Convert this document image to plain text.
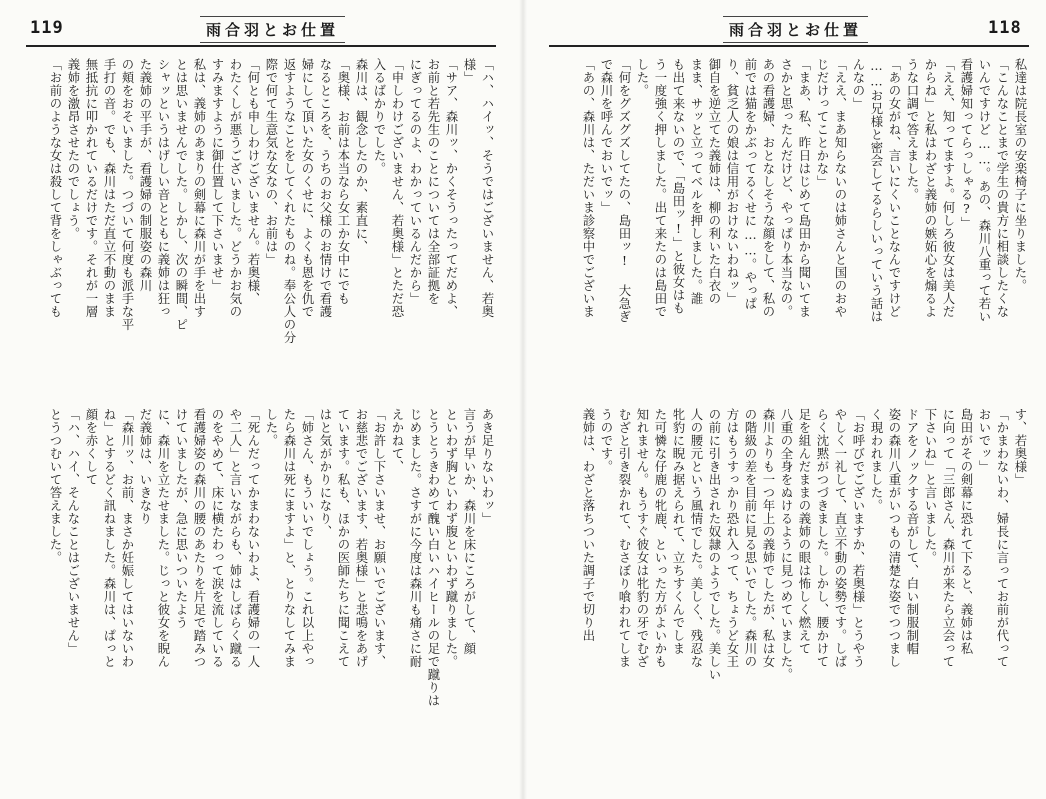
119	雨合羽とお仕置
「ハ、ハイッ、そうではございません、若奥
様」
「サア、森川ッ、かくそうったってだめよ、
お前と若先生のことについては全部証拠を
にぎってるのよ、わかっているんだから」
「申しわけございません、若奥様」とただ恐
入るばかりでした。
森川は、観念したのか、素直に、
「奥様、お前は本当なら女工か女中にでも
なるところを、うちのお父様のお情けで看護
婦にして頂いた女のくせに、よくも恩を仇で
返すようなことをしてくれたものね。奉公人の分
際で何て生意気な女なの、お前は」
「何とも申しわけございません。若奥様、
わたくしが悪うございました。どうかお気の
すみますように御仕置して下さいませ」
私は、義姉のあまりの剣幕に森川が手を出す
とは思いませんでした。しかし、次の瞬間、ピ
シャッというはげしい音とともに義姉は狂っ
た義姉の平手が、看護婦の制服姿の森川
の頬をおそいました。つづいて何度も派手な平
手打の音。でも、森川はただ直立不動のまま
無抵抗に叩かれているだけです。それが一層
義姉を激昂させたのでしょう。
「お前のような女は殺して背をしゃぶっても
あき足りないわッ」
言うが早いか、森川を床にころがして、顔
といわず胸といわず腹といわず蹴りました。
とうとうきわめて醜い白いハイヒールの足で蹴りは
じめました。さすがに今度は森川も痛さに耐
えかねて、
「お許し下さいませ、お願いでございます、
お慈悲でございます、若奥様」と悲鳴をあげ
ています。私も、ほかの医師たちに聞こえて
はと気がかりになり、
「姉さん、もういいでしょう。これ以上やっ
たら森川は死にますよ」と、とりなしてみま
した。
「死んだってかまわないわよ、看護婦の一人
や二人」と言いながらも、姉はしばらく蹴る
のをやめて、床に横たわって涙を流している
看護婦姿の森川の腰のあたりを片足で踏みつ
けていましたが、急に思いついたよう
に、森川を立たせました。じっと彼女を睨ん
だ義姉は、いきなり
「森川ッ、お前、まさか妊娠してはいないわ
ね」とするどく訊ねました。森川は、ぱっと
顔を赤くして
「ハ、ハイ、そんなことはございません」
とうつむいて答えました。
118
雨合羽とお仕置
私達は院長室の安楽椅子に坐りました。
「こんなことまで学生の貴方に相談したくな
いんですけど……。あの、森川八重って若い
看護婦知ってらっしゃる?」
「ええ、知ってますよ。何しろ彼女は美人だ
からね」と私はわざと義姉の嫉妬心を煽るよ
うな口調で答えました。
「あの女がね、言いにくいことなんですけど
……お兄様と密会してるらしいっていう話は
んなの」
「ええ、まあ知らないのは姉さんと国のおや
じだけってことかな」
「まあ、私、昨日はじめて島田から聞いてま
さかと思ったんだけど、やっぱり本当なの。
あの看護婦、おとなしそうな顔をして、私の
前では猫をかぶってるくせに……。やっぱ
り、貧乏人の娘は信用がおけないわねッ」
御自を逆立てた義姉は、柳の利いた白衣の
まま、サッと立ってベルを押しました。誰
も出て来ないので、「島田ッ!」と彼女はも
う一度強く押しました。出て来たのは島田で
した。
「何をグズグズしてたの、島田ッ! 大急ぎ
で森川を呼んでおいでッ」
「あの、森川は、ただいま診察中でございま
す、若奥様」
「かまわないわ、婦長に言ってお前が代って
おいでッ」
島田がその剣幕に恐れて下ると、義姉は私
に向って「三郎さん、森川が来たら立会って
下さいね」と言いました。
ドアをノックする音がして、白い制服制帽
姿の森川八重がいつもの清楚な姿でつつまし
く現われました。
「お呼びでございますか、若奥様」とうやう
やしく一礼して、直立不動の姿勢です。しば
らく沈黙がつづきました。しかし、腰かけて
足を組んだままの義姉の眼は怖しく燃えて
八重の全身をぬけるように見つめていました。
森川よりも一つ年上の義姉でしたが、私は女
の階級の差を目前に見る思いでした。森川の
方はもうすっかり恐れ入って、ちょうど女王
の前に引き出された奴隷のようでした。美しい
人の腰元という風情でした。美しく、残忍な
牝豹に睨み据えられて、立ちすくんでしま
た可憐な仔鹿の牝鹿、といった方がよいかも
知れません。もうすぐ彼女は牝豹の牙でむざ
むざと引き裂かれて、むさぼり喰われてしま
うのです。
義姉は、わざと落ちついた調子で切り出
